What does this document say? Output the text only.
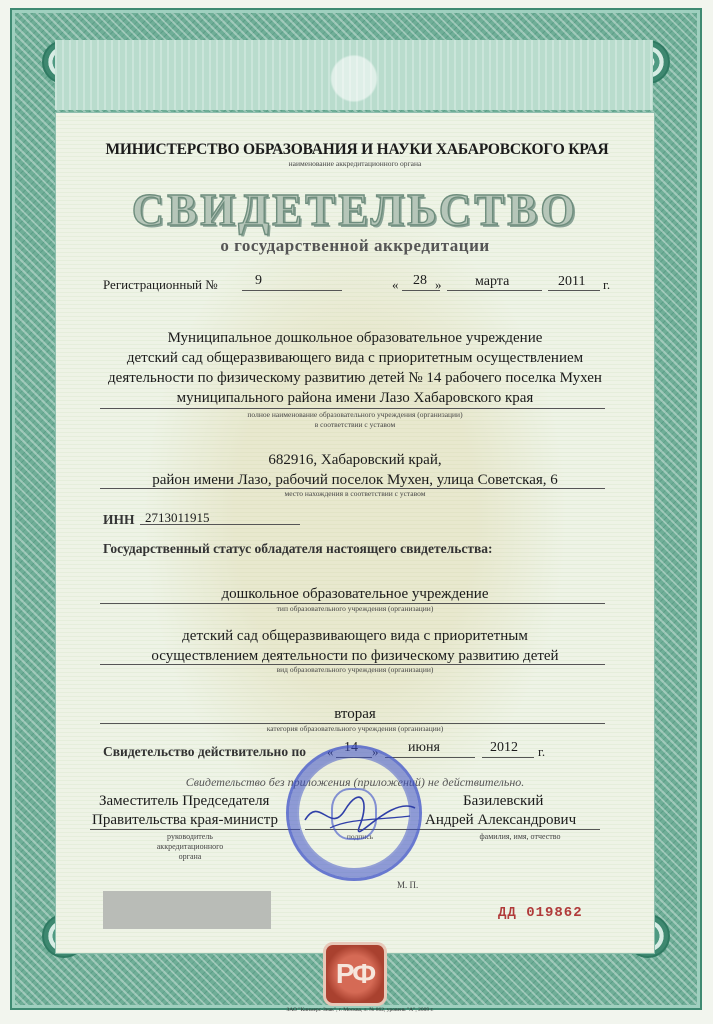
МИНИСТЕРСТВО ОБРАЗОВАНИЯ И НАУКИ ХАБАРОВСКОГО КРАЯ
наименование аккредитационного органа
СВИДЕТЕЛЬСТВО
о государственной аккредитации
Регистрационный №	9	« 28 » марта	2011 г.
Муниципальное дошкольное образовательное учреждение
детский сад общеразвивающего вида с приоритетным осуществлением
деятельности по физическому развитию детей № 14 рабочего поселка Мухен
муниципального района имени Лазо Хабаровского края
полное наименование образовательного учреждения (организации)
в соответствии с уставом
682916, Хабаровский край,
район имени Лазо, рабочий поселок Мухен, улица Советская, 6
место нахождения в соответствии с уставом
ИНН 2713011915
Государственный статус обладателя настоящего свидетельства:
дошкольное образовательное учреждение
тип образовательного учреждения (организации)
детский сад общеразвивающего вида с приоритетным
осуществлением деятельности по физическому развитию детей
вид образовательного учреждения (организации)
вторая
категория образовательного учреждения (организации)
Свидетельство действительно по « 14 » июня	2012 г.
Свидетельство без приложения (приложений) не действительно.
Заместитель Председателя
Правительства края-министр
руководитель
аккредитационного
органа
подпись
Базилевский
Андрей Александрович
фамилия, имя, отчество
М. П.
ДД 019862
РФ
ЗАО "Кинмерс-Знак", г. Москва, л. № 862, уровень "А", 2009 г.
